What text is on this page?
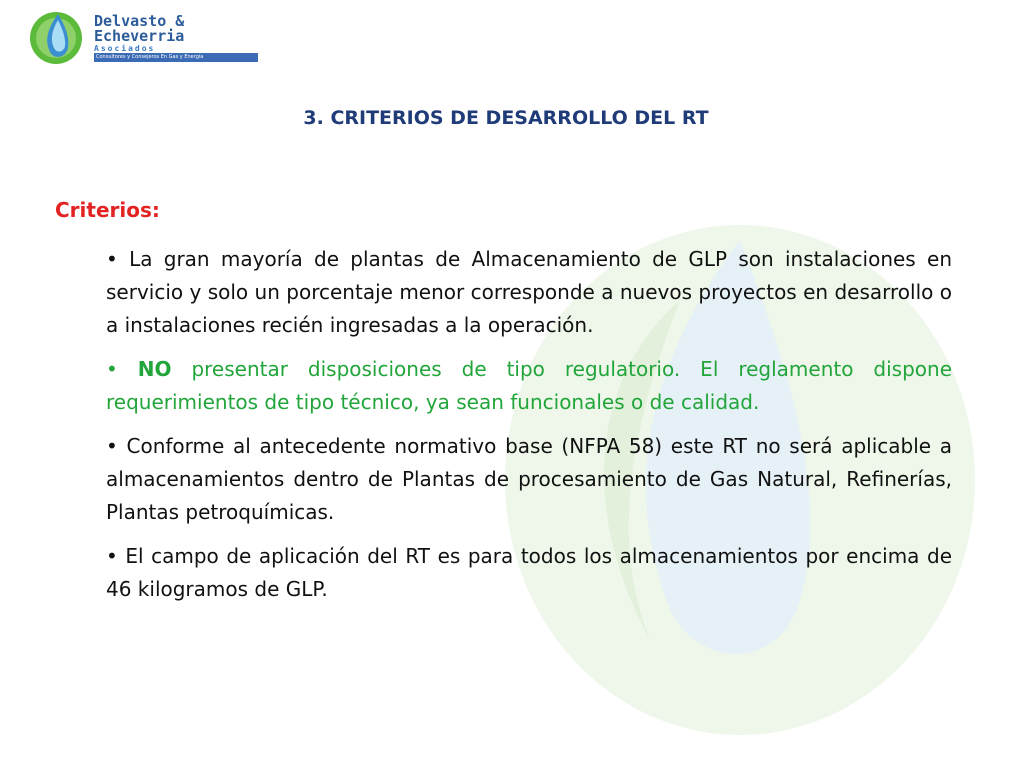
Delvasto &
Echeverria
Asociados
Consultores y Consejeros En Gas y Energía
3. CRITERIOS DE DESARROLLO DEL RT
Criterios:

• La gran mayoría de plantas de Almacenamiento de GLP son instalaciones en servicio y solo un porcentaje menor corresponde a nuevos proyectos en desarrollo o a instalaciones recién ingresadas a la operación.

• NO presentar disposiciones de tipo regulatorio. El reglamento dispone requerimientos de tipo técnico, ya sean funcionales o de calidad.

• Conforme al antecedente normativo base (NFPA 58) este RT no será aplicable a almacenamientos dentro de Plantas de procesamiento de Gas Natural, Refinerías, Plantas petroquímicas.

• El campo de aplicación del RT es para todos los almacenamientos por encima de 46 kilogramos de GLP.
